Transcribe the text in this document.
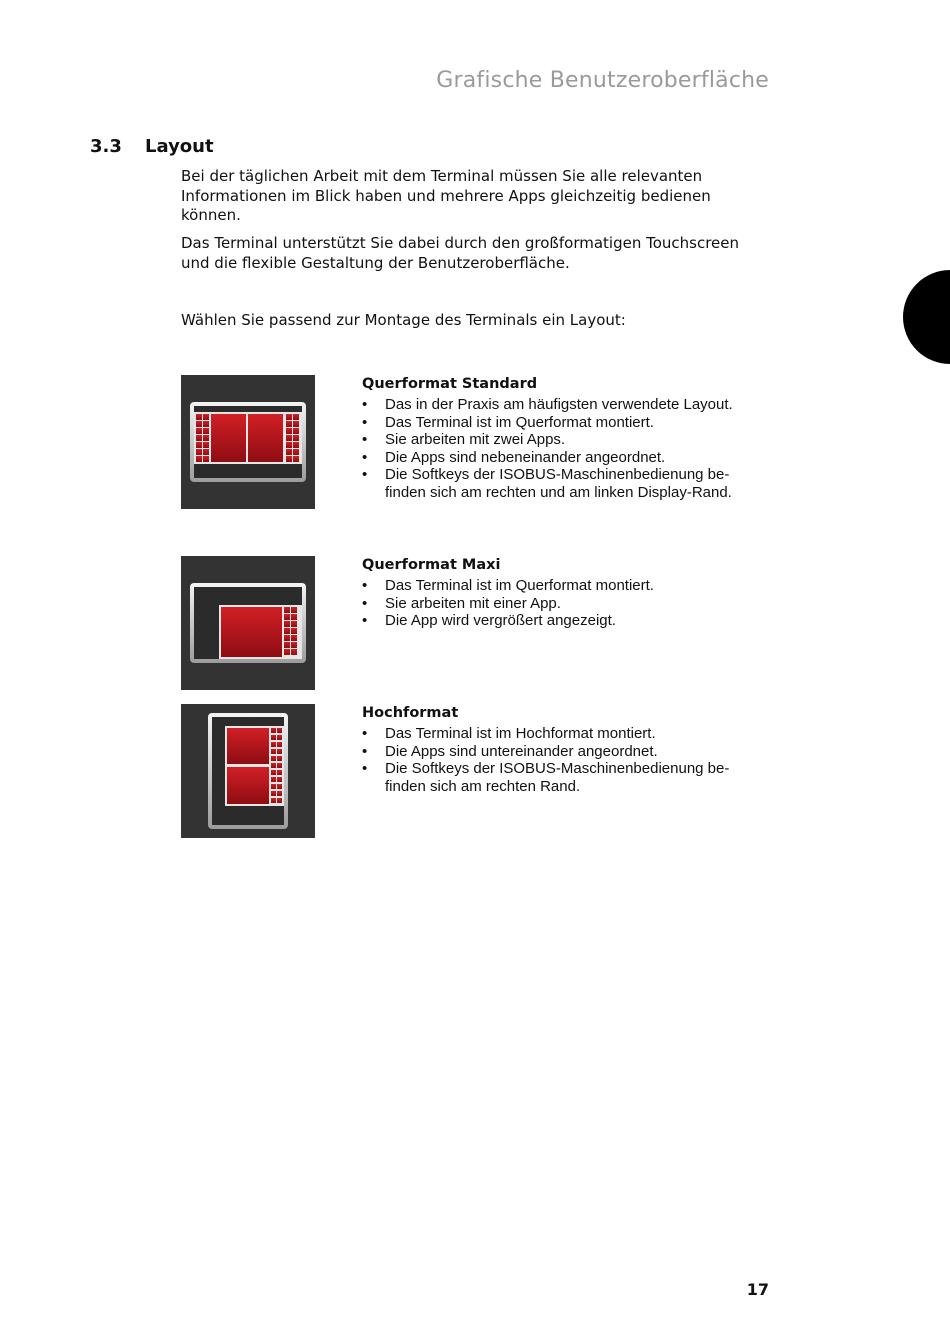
Grafische Benutzeroberfläche
3.3 Layout

Bei der täglichen Arbeit mit dem Terminal müssen Sie alle relevanten Informationen im Blick haben und mehrere Apps gleichzeitig bedienen können.

Das Terminal unterstützt Sie dabei durch den großformatigen Touchscreen und die flexible Gestaltung der Benutzeroberfläche.

Wählen Sie passend zur Montage des Terminals ein Layout:

Querformat Standard
• Das in der Praxis am häufigsten verwendete Layout.
• Das Terminal ist im Querformat montiert.
• Sie arbeiten mit zwei Apps.
• Die Apps sind nebeneinander angeordnet.
• Die Softkeys der ISOBUS-Maschinenbedienung befinden sich am rechten und am linken Display-Rand.
Querformat Maxi
• Das Terminal ist im Querformat montiert.
• Sie arbeiten mit einer App.
• Die App wird vergrößert angezeigt.
Hochformat
• Das Terminal ist im Hochformat montiert.
• Die Apps sind untereinander angeordnet.
• Die Softkeys der ISOBUS-Maschinenbedienung befinden sich am rechten Rand.
17
